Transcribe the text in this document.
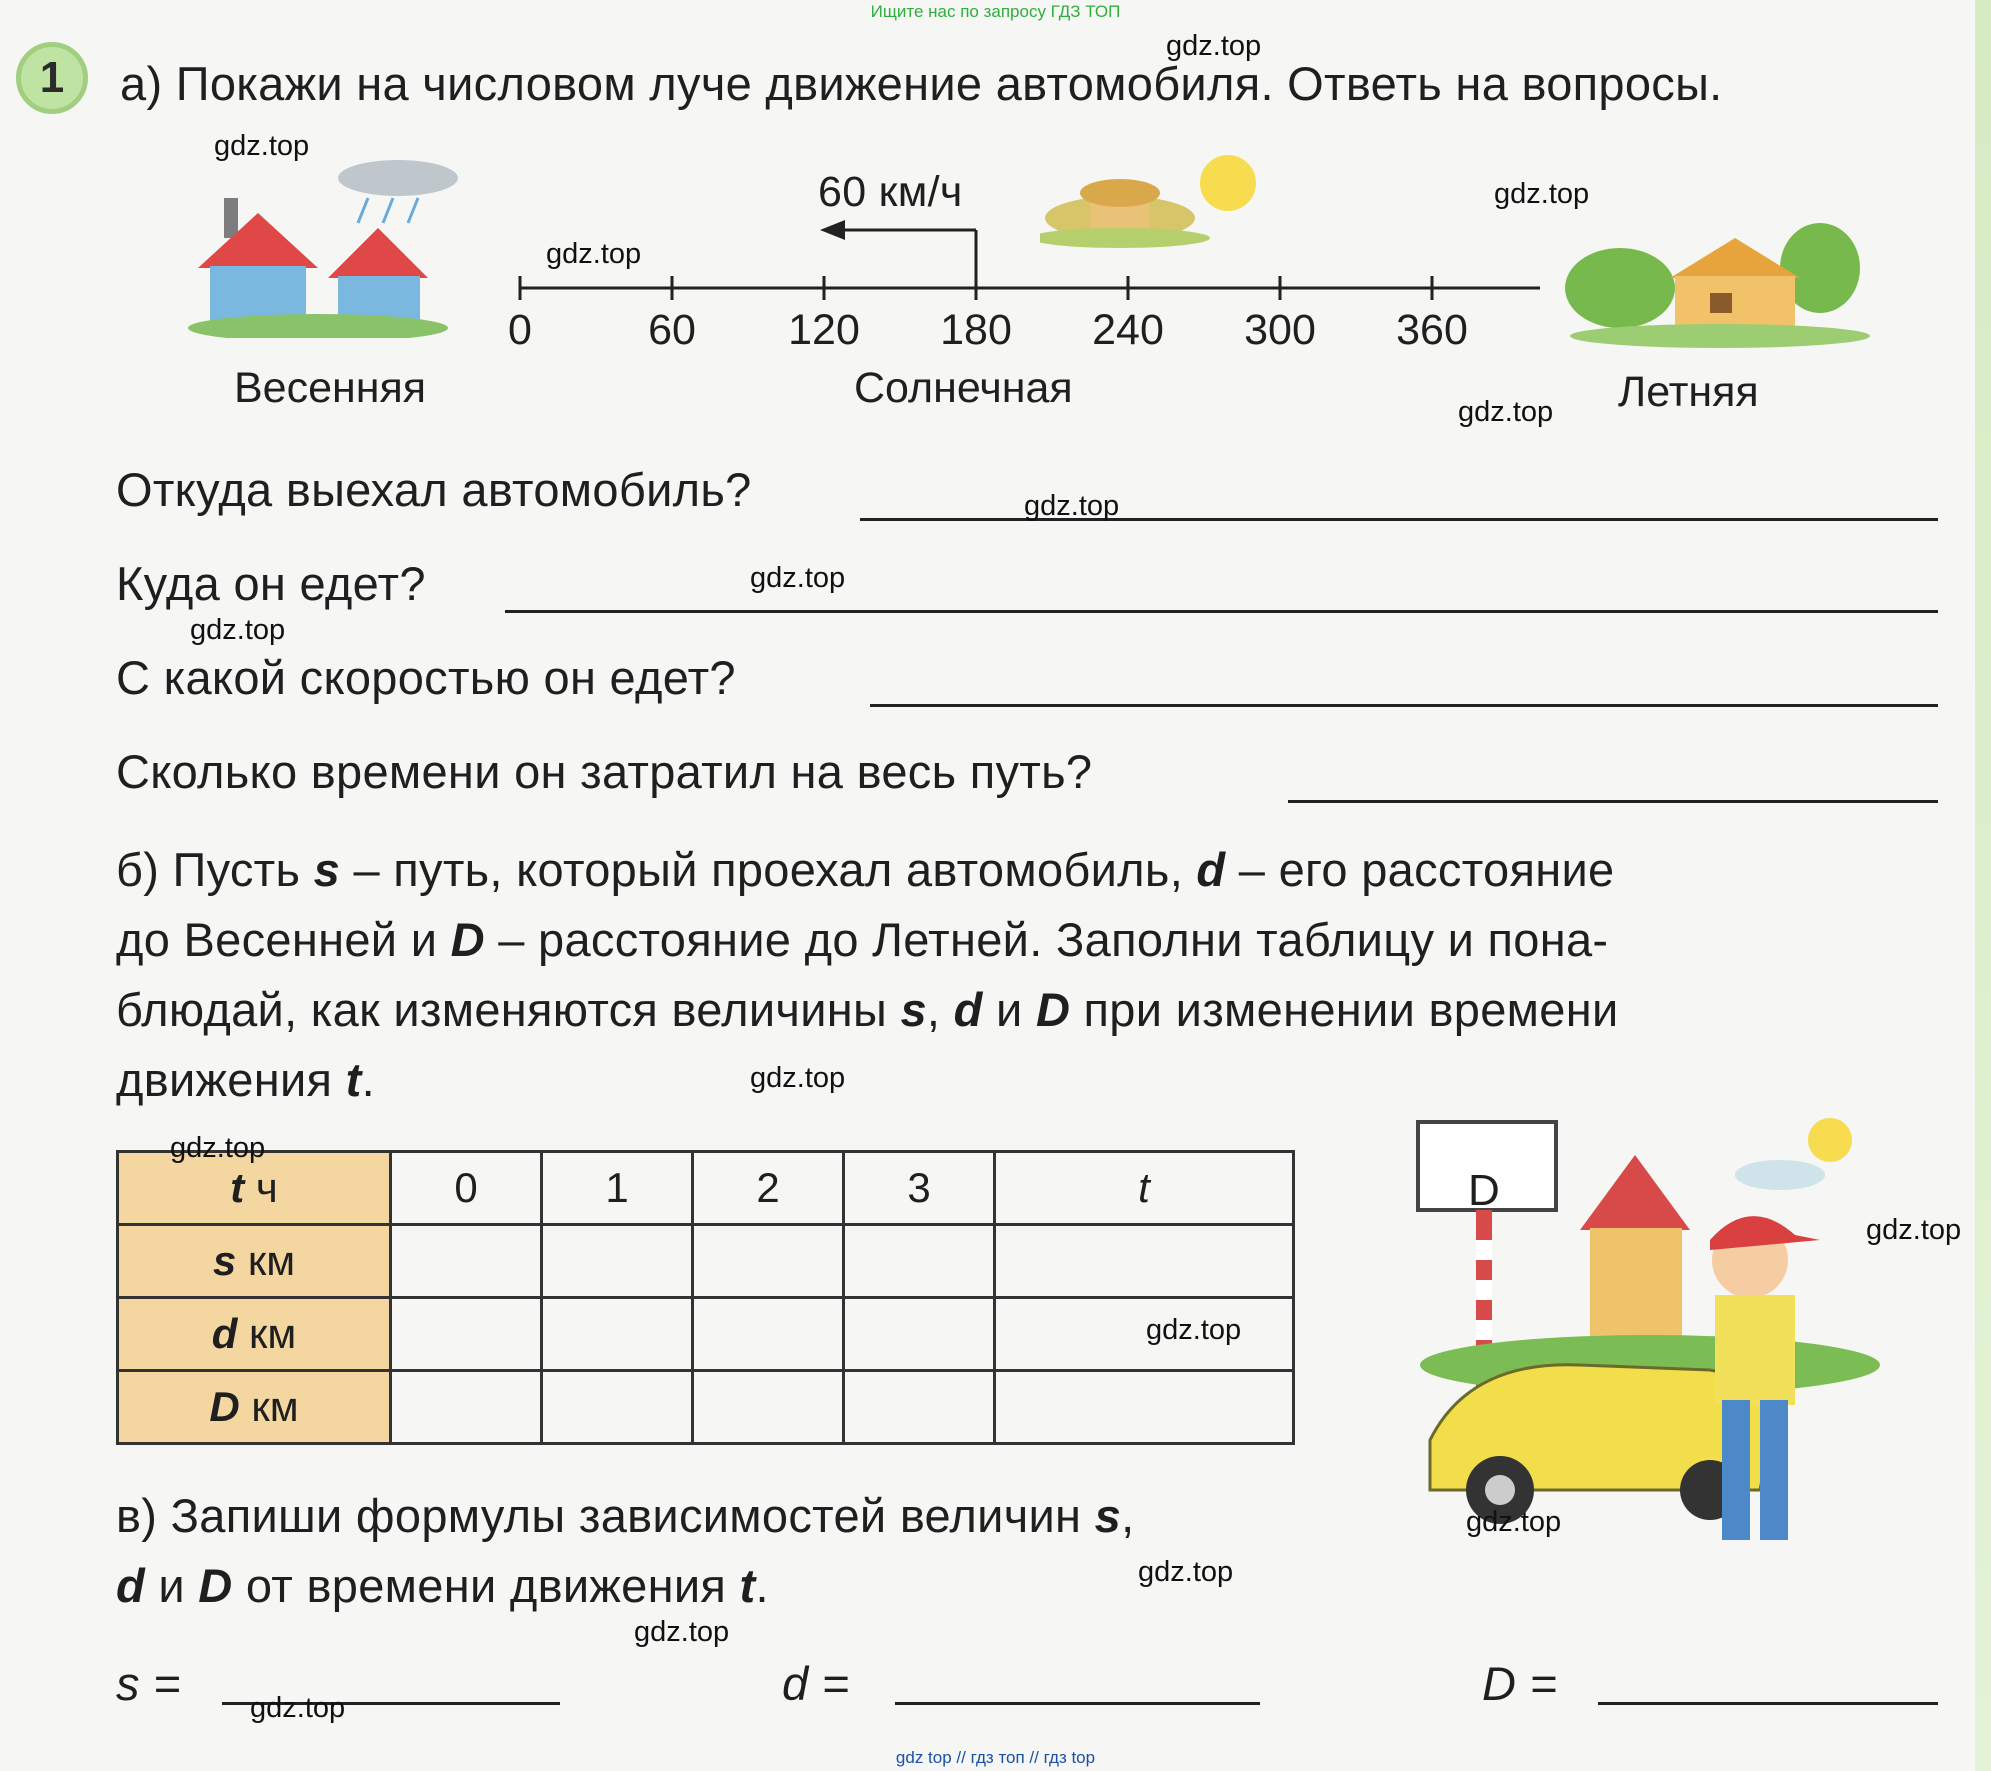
Ищите нас по запросу ГДЗ ТОП
1	а) Покажи на числовом луче движение автомобиля. Ответь на вопросы.
60 км/ч
0	60	120	180	240	300	360
Весенняя	Солнечная	Летняя
Откуда выехал автомобиль?
Куда он едет?
С какой скоростью он едет?
Сколько времени он затратил на весь путь?
б) Пусть s – путь, который проехал автомобиль, d – его расстояние
до Весенней и D – расстояние до Летней. Заполни таблицу и пона-
блюдай, как изменяются величины s, d и D при изменении времени
движения t.
t ч	0	1	2	3	t
s км					
d км					
D км					
D
в) Запиши формулы зависимостей величин s,
d и D от времени движения t.
s =	d =	D =
gdz.top
gdz.top
gdz.top
gdz.top
gdz.top
gdz.top
gdz.top
gdz.top
gdz.top
gdz.top
gdz.top
gdz.top
gdz.top
gdz.top
gdz.top
gdz.top
gdz top // гдз топ // гдз top
